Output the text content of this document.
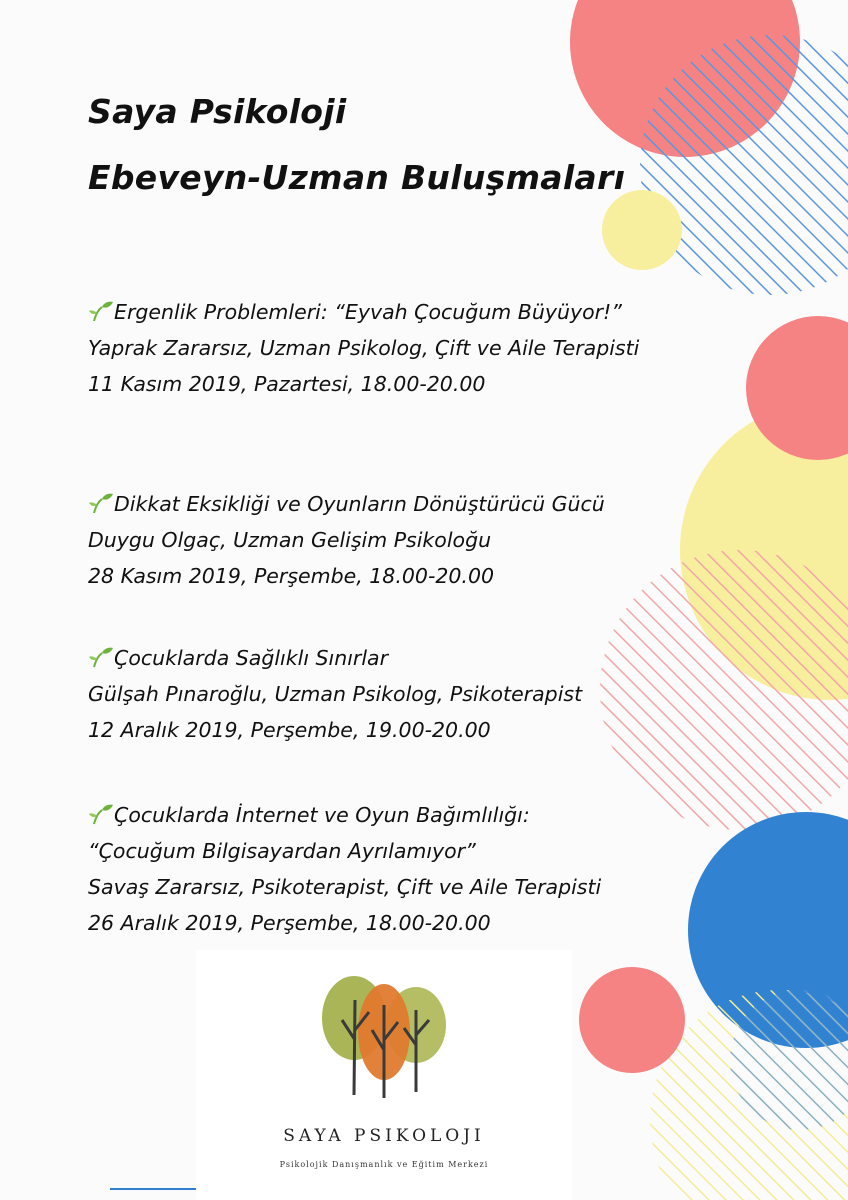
Saya Psikoloji
Ebeveyn-Uzman Buluşmaları
Ergenlik Problemleri: “Eyvah Çocuğum Büyüyor!”
Yaprak Zararsız, Uzman Psikolog, Çift ve Aile Terapisti
11 Kasım 2019, Pazartesi, 18.00-20.00
Dikkat Eksikliği ve Oyunların Dönüştürücü Gücü
Duygu Olgaç, Uzman Gelişim Psikoloğu
28 Kasım 2019, Perşembe, 18.00-20.00
Çocuklarda Sağlıklı Sınırlar
Gülşah Pınaroğlu, Uzman Psikolog, Psikoterapist
12 Aralık 2019, Perşembe, 19.00-20.00
Çocuklarda İnternet ve Oyun Bağımlılığı:
“Çocuğum Bilgisayardan Ayrılamıyor”
Savaş Zararsız, Psikoterapist, Çift ve Aile Terapisti
26 Aralık 2019, Perşembe, 18.00-20.00
SAYA PSIKOLOJI
Psikolojik Danışmanlık ve Eğitim Merkezi
